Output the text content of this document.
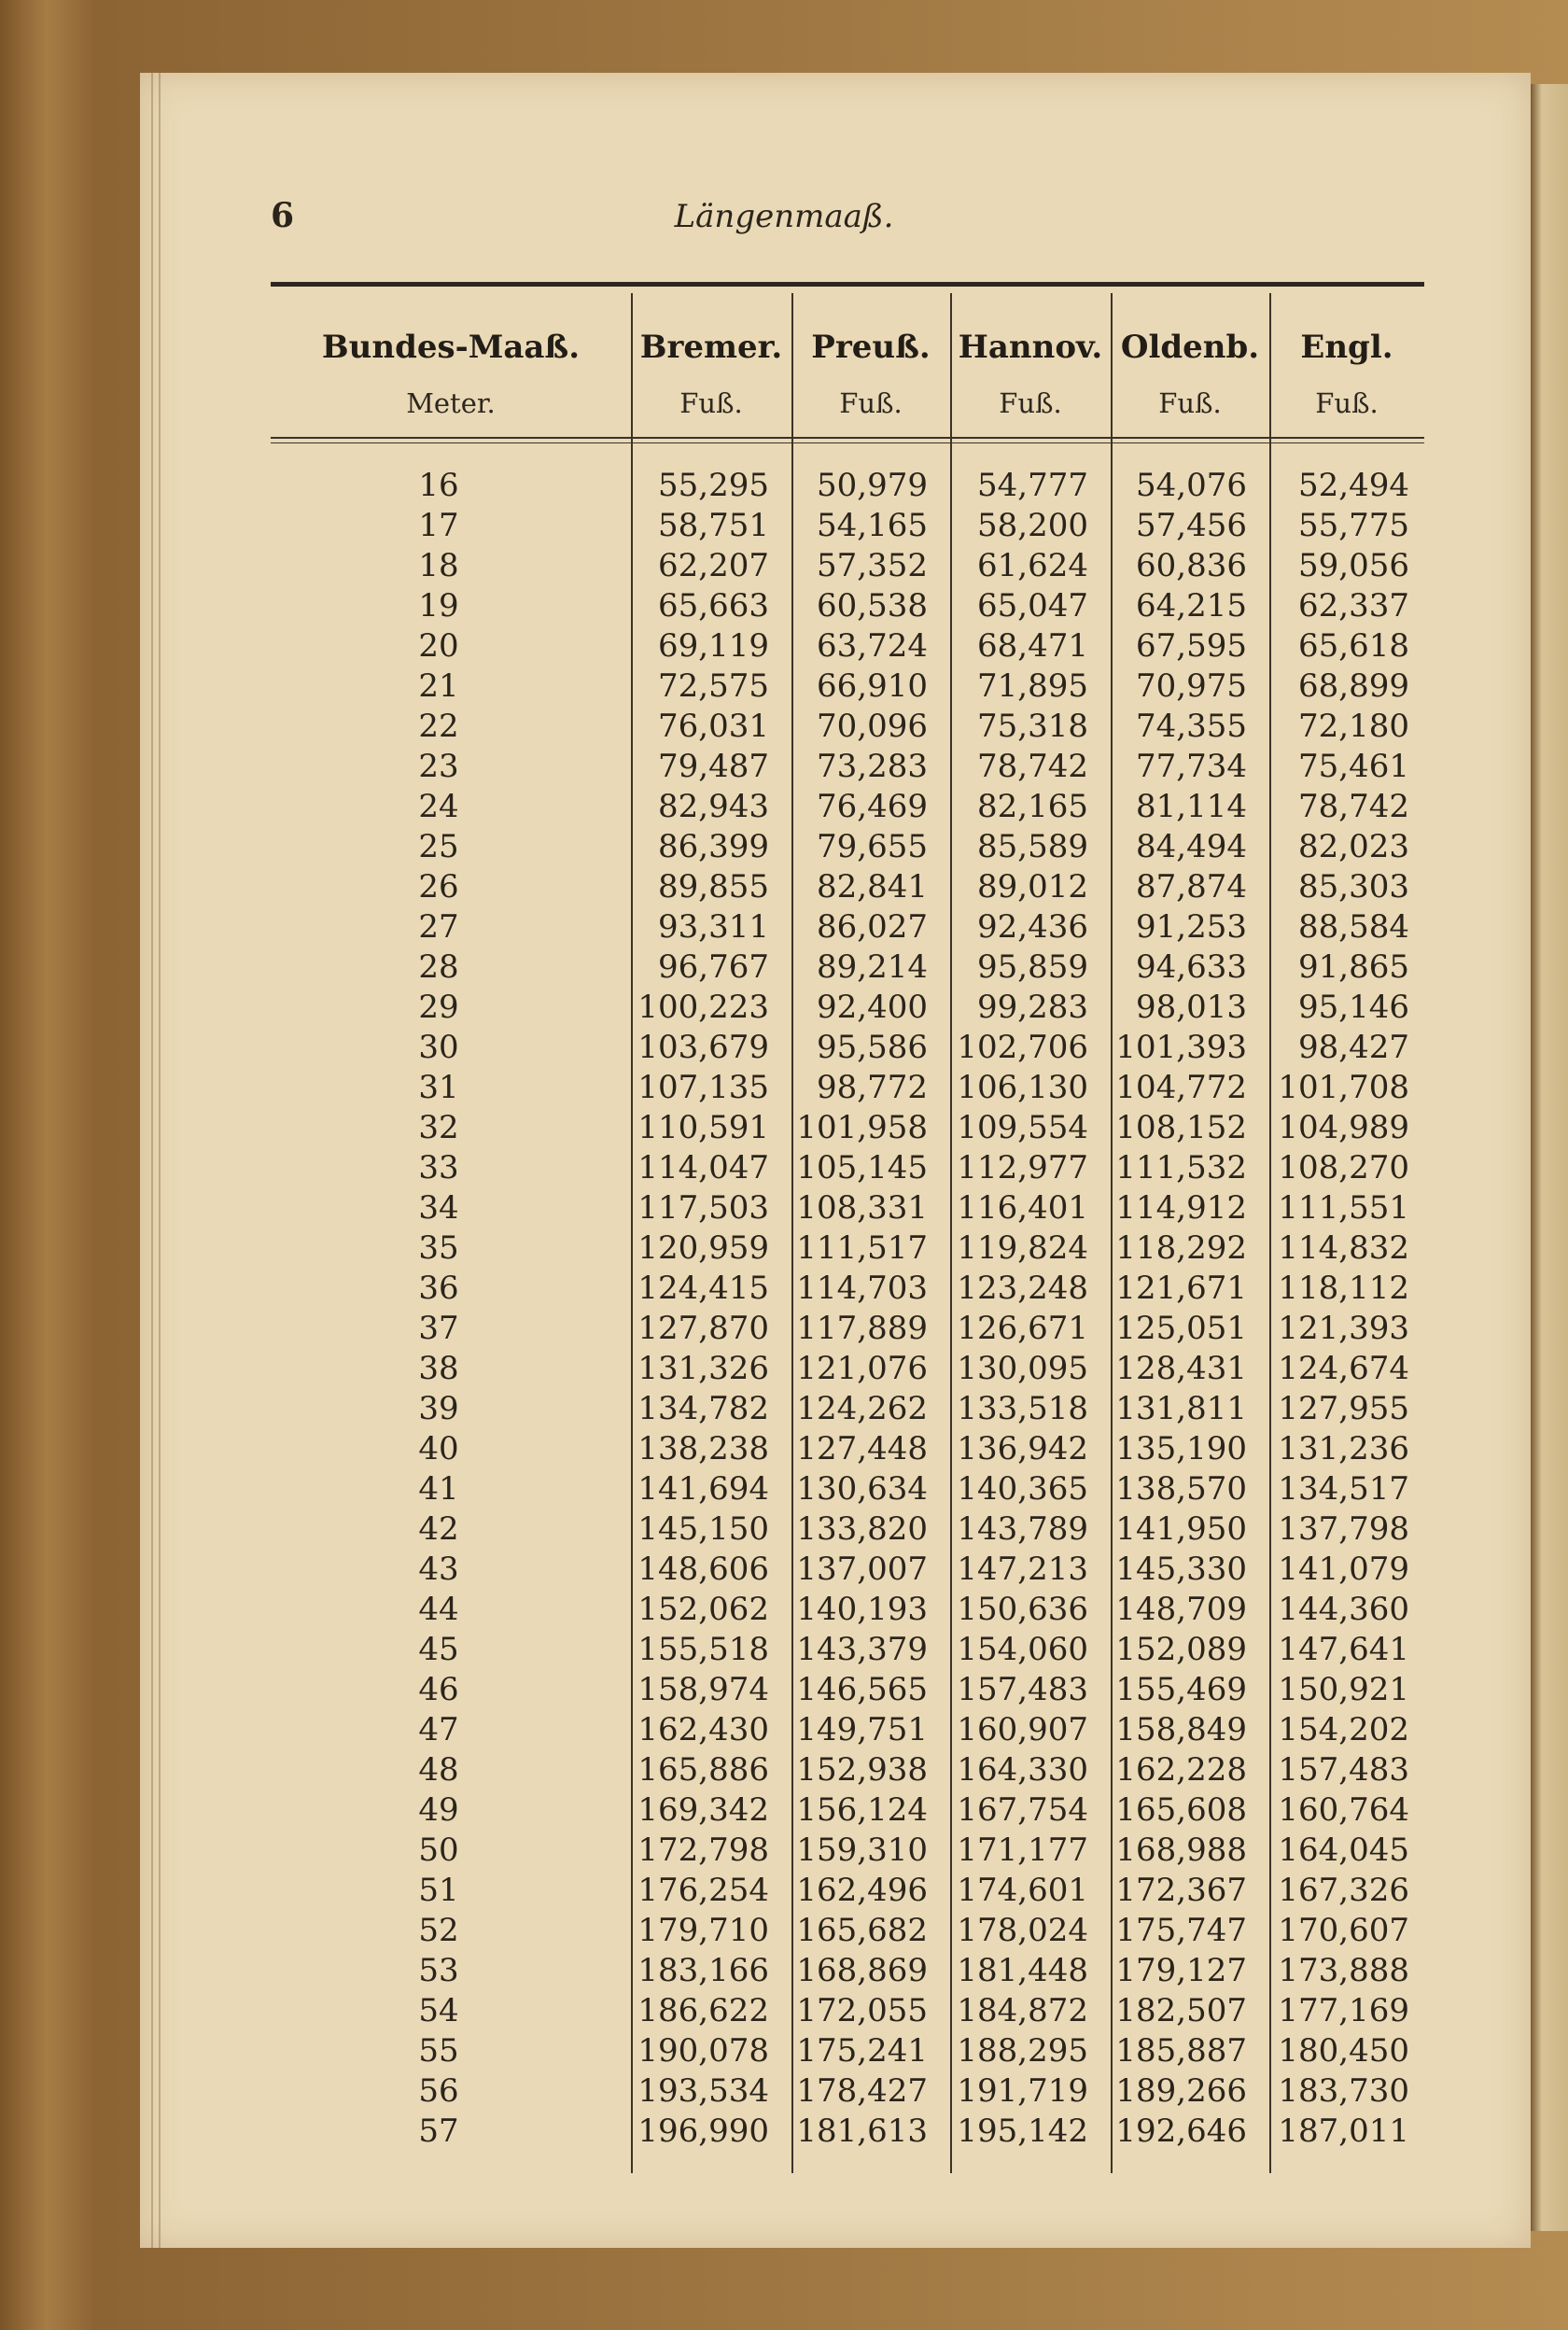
6	Längenmaaß.
Bundes-Maaß.	Bremer. Preuß. Hannov. Oldenb.	Engl.
Meter.	Fuß.	Fuß.	Fuß.	Fuß.	Fuß.
16	55,295	50,979	54,777	54,076	52,494
17	58,751	54,165	58,200	57,456	55,775
18	62,207	57,352	61,624	60,836	59,056
19	65,663	60,538	65,047	64,215	62,337
20	69,119	63,724	68,471	67,595	65,618
21	72,575	66,910	71,895	70,975	68,899
22	76,031	70,096	75,318	74,355	72,180
23	79,487	73,283	78,742	77,734	75,461
24	82,943	76,469	82,165	81,114	78,742
25	86,399	79,655	85,589	84,494	82,023
26	89,855	82,841	89,012	87,874	85,303
27	93,311	86,027	92,436	91,253	88,584
28	96,767	89,214	95,859	94,633	91,865
29	100,223	92,400	99,283	98,013	95,146
30	103,679	95,586 102,706 101,393	98,427
31	107,135	98,772 106,130 104,772 101,708
32	110,591 101,958 109,554 108,152 104,989
33	114,047 105,145 112,977 111,532 108,270
34	117,503 108,331 116,401 114,912 111,551
35	120,959 111,517 119,824 118,292 114,832
36	124,415 114,703 123,248 121,671 118,112
37	127,870 117,889 126,671 125,051 121,393
38	131,326 121,076 130,095 128,431 124,674
39	134,782 124,262 133,518 131,811 127,955
40	138,238 127,448 136,942 135,190 131,236
41	141,694 130,634 140,365 138,570 134,517
42	145,150 133,820 143,789 141,950 137,798
43	148,606 137,007 147,213 145,330 141,079
44	152,062 140,193 150,636 148,709 144,360
45	155,518 143,379 154,060 152,089 147,641
46	158,974 146,565 157,483 155,469 150,921
47	162,430 149,751 160,907 158,849 154,202
48	165,886 152,938 164,330 162,228 157,483
49	169,342 156,124 167,754 165,608 160,764
50	172,798 159,310 171,177 168,988 164,045
51	176,254 162,496 174,601 172,367 167,326
52	179,710 165,682 178,024 175,747 170,607
53	183,166 168,869 181,448 179,127 173,888
54	186,622 172,055 184,872 182,507 177,169
55	190,078 175,241 188,295 185,887 180,450
56	193,534 178,427 191,719 189,266 183,730
57	196,990 181,613 195,142 192,646 187,011
